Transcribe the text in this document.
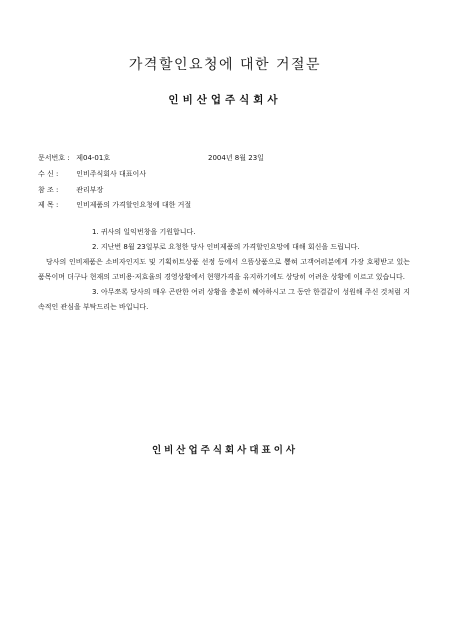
가격할인요청에 대한 거절문
인비산업주식회사
문서번호 : 제04-01호	2004년 8월 23일
수 신 :	인비주식회사 대표이사
참 조 :	관리부장
제 목 :	인비제품의 가격할인요청에 대한 거절

1. 귀사의 일익번창을 기원합니다.

2. 지난번 8월 23일부로 요청한 당사 인비제품의 가격할인요망에 대해 회신을 드립니다.

당사의 인비제품은 소비자인지도 및 기획히트상품 선정 등에서 으뜸상품으로 뽑혀 고객여러분에게 가장 호평받고 있는 품목이며 더구나 현재의 고비용·저효율의 경영상황에서 현행가격을 유지하기에도 상당히 어려운 상황에 이르고 있습니다.

3. 아무쪼록 당사의 매우 곤란한 여러 상황을 충분히 헤아하시고 그 동안 한결같이 성원해 주신 것처럼 지속적인 관심을 부탁드리는 바입니다.

인비산업주식회사대표이사
